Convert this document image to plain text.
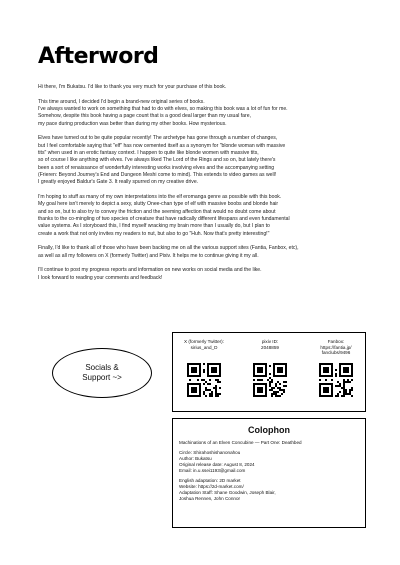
Afterword

Hi there, I'm Bukatsu. I'd like to thank you very much for your purchase of this book.

This time around, I decided I'd begin a brand-new original series of books.
I've always wanted to work on something that had to do with elves, so making this book was a lot of fun for me.
Somehow, despite this book having a page count that is a good deal larger than my usual fare,
my pace during production was better than during my other books. How mysterious.

Elves have turned out to be quite popular recently! The archetype has gone through a number of changes,
but I feel comfortable saying that "elf" has now cemented itself as a synonym for "blonde woman with massive
tits" when used in an erotic fantasy context. I happen to quite like blonde women with massive tits,
so of course I like anything with elves. I've always liked The Lord of the Rings and so on, but lately there's
been a sort of renaissance of wonderfully interesting works involving elves and the accompanying setting
(Frieren: Beyond Journey's End and Dungeon Meshi come to mind). This extends to video games as well!
I greatly enjoyed Baldur's Gate 3. It really spurred on my creative drive.

I'm hoping to stuff as many of my own interpretations into the elf eromanga genre as possible with this book.
My goal here isn't merely to depict a sexy, slutty Onee-chan type of elf with massive boobs and blonde hair
and so on, but to also try to convey the friction and the seeming affection that would no doubt come about
thanks to the co-mingling of two species of creature that have radically different lifespans and even fundamental
value systems. As I storyboard this, I find myself wracking my brain more than I usually do, but I plan to
create a work that not only invites my readers to nut, but also to go "Huh. Now that's pretty interesting!"

Finally, I'd like to thank all of those who have been backing me on all the various support sites (Fantia, Fanbox, etc),
as well as all my followers on X (formerly Twitter) and Pixiv. It helps me to continue giving it my all.

I'll continue to post my progress reports and information on new works on social media and the like.
I look forward to reading your comments and feedback!

Socials &
Support ~>
X (formerly Twitter):
sirius_and_D
pixiv ID:
2048859
Fanbox:
https://fantia.jp/
fanclubs/9496
Colophon
Machinations of an Elven Concubine — Part One: Deathbed
Circle: Shirahoshishanonahou
Author: Bukatsu
Original release date: August 8, 2024
Email: in.u.ssei1193@gmail.com
English adaptation: 2D market
Website: https://2d-market.com/
Adaptation Staff: Shane Goodwin, Joseph Blair,
Joshua Rennen, John Connor
